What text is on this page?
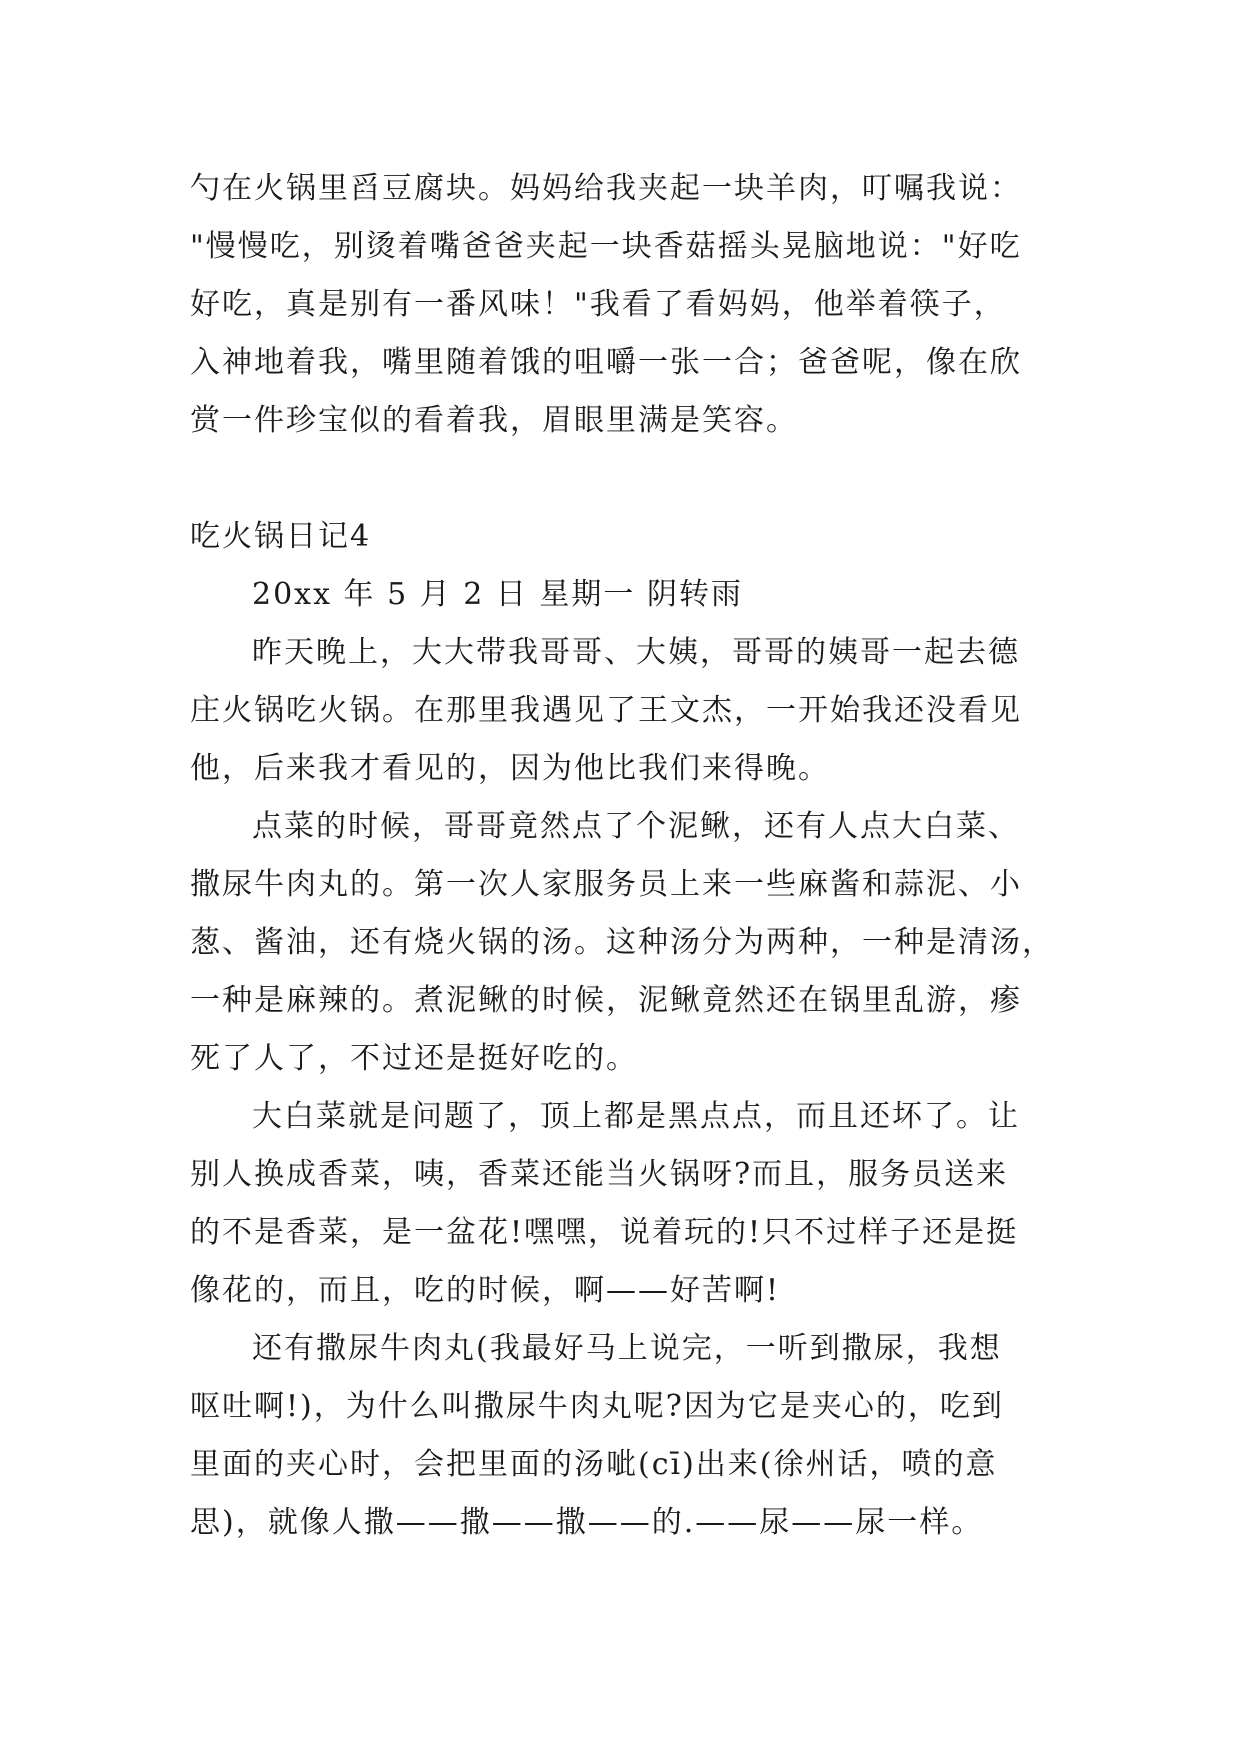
勺在火锅里舀豆腐块。妈妈给我夹起一块羊肉，叮嘱我说：
"慢慢吃，别烫着嘴爸爸夹起一块香菇摇头晃脑地说："好吃
好吃，真是别有一番风味！"我看了看妈妈，他举着筷子，
入神地着我，嘴里随着饿的咀嚼一张一合；爸爸呢，像在欣
赏一件珍宝似的看着我，眉眼里满是笑容。
吃火锅日记4
20xx 年 5 月 2 日 星期一 阴转雨
昨天晚上，大大带我哥哥、大姨，哥哥的姨哥一起去德
庄火锅吃火锅。在那里我遇见了王文杰，一开始我还没看见
他，后来我才看见的，因为他比我们来得晚。
点菜的时候，哥哥竟然点了个泥鳅，还有人点大白菜、
撒尿牛肉丸的。第一次人家服务员上来一些麻酱和蒜泥、小
葱、酱油，还有烧火锅的汤。这种汤分为两种，一种是清汤，
一种是麻辣的。煮泥鳅的时候，泥鳅竟然还在锅里乱游，瘆
死了人了，不过还是挺好吃的。
大白菜就是问题了，顶上都是黑点点，而且还坏了。让
别人换成香菜，咦，香菜还能当火锅呀?而且，服务员送来
的不是香菜，是一盆花!嘿嘿，说着玩的!只不过样子还是挺
像花的，而且，吃的时候，啊——好苦啊!
还有撒尿牛肉丸(我最好马上说完，一听到撒尿，我想
呕吐啊!)，为什么叫撒尿牛肉丸呢?因为它是夹心的，吃到
里面的夹心时，会把里面的汤呲(cī)出来(徐州话，喷的意
思)，就像人撒——撒——撒——的.——尿——尿一样。
